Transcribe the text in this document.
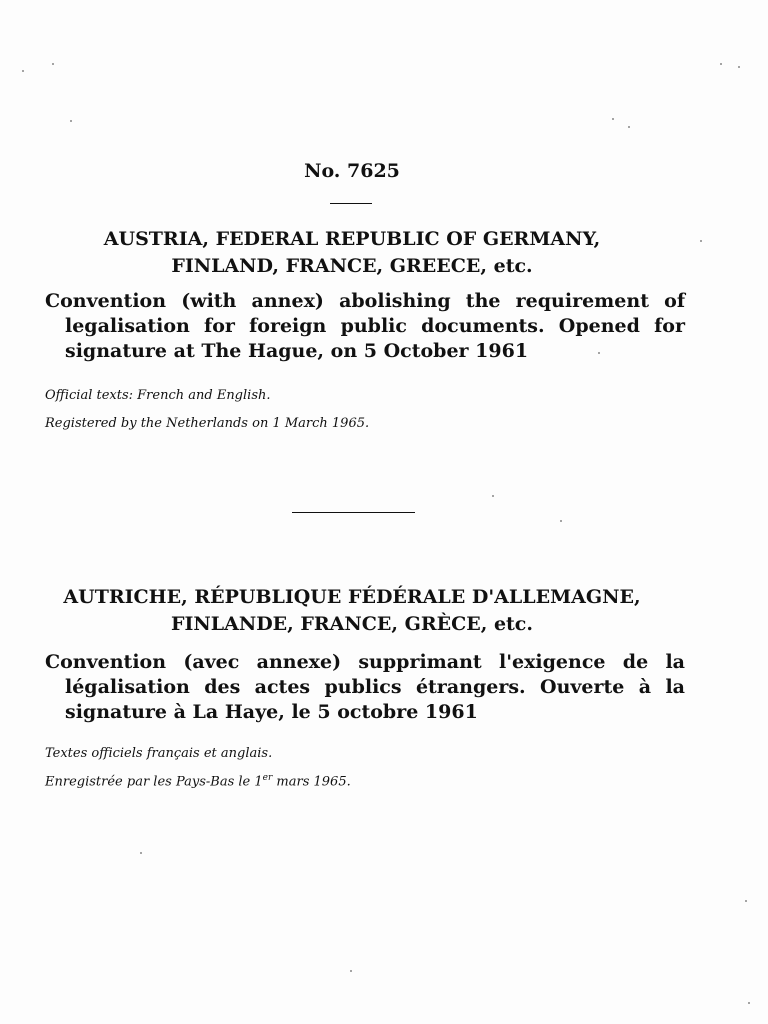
No. 7625
AUSTRIA, FEDERAL REPUBLIC OF GERMANY,
FINLAND, FRANCE, GREECE, etc.
Convention (with annex) abolishing the requirement of legalisation for foreign public documents. Opened for signature at The Hague, on 5 October 1961
Official texts: French and English.
Registered by the Netherlands on 1 March 1965.
AUTRICHE, RÉPUBLIQUE FÉDÉRALE D'ALLEMAGNE,
FINLANDE, FRANCE, GRÈCE, etc.
Convention (avec annexe) supprimant l'exigence de la légalisation des actes publics étrangers. Ouverte à la signature à La Haye, le 5 octobre 1961
Textes officiels français et anglais.
Enregistrée par les Pays-Bas le 1er mars 1965.
